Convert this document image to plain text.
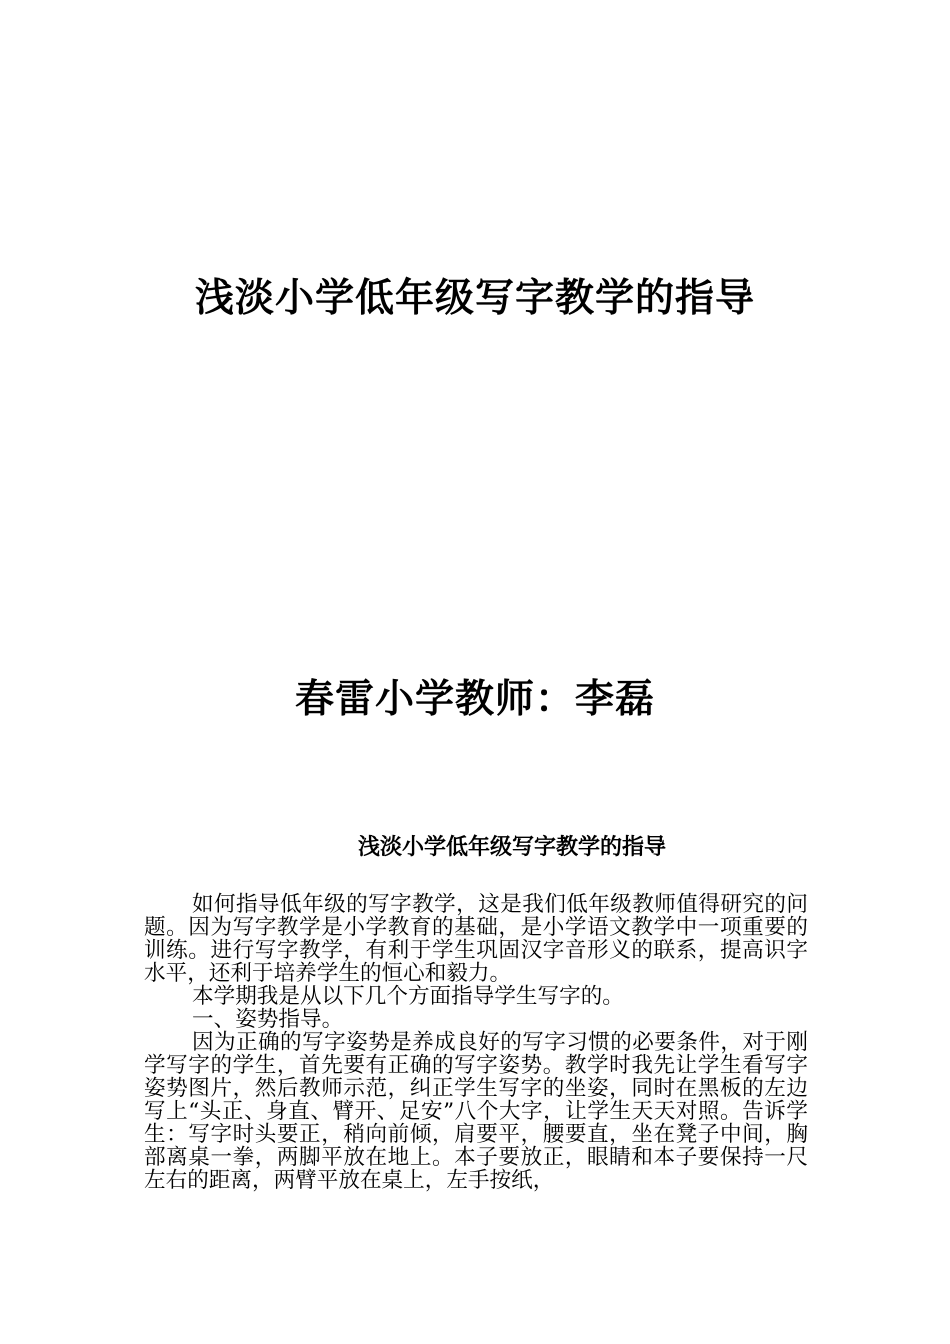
浅淡小学低年级写字教学的指导
春雷小学教师：李磊
浅淡小学低年级写字教学的指导

如何指导低年级的写字教学，这是我们低年级教师值得研究的问题。因为写字教学是小学教育的基础，是小学语文教学中一项重要的训练。进行写字教学，有利于学生巩固汉字音形义的联系，提高识字水平，还利于培养学生的恒心和毅力。

本学期我是从以下几个方面指导学生写字的。

一、姿势指导。

因为正确的写字姿势是养成良好的写字习惯的必要条件，对于刚学写字的学生，首先要有正确的写字姿势。教学时我先让学生看写字姿势图片，然后教师示范，纠正学生写字的坐姿，同时在黑板的左边写上“头正、身直、臂开、足安”八个大字，让学生天天对照。告诉学生：写字时头要正，稍向前倾，肩要平，腰要直，坐在凳子中间，胸部离桌一拳，两脚平放在地上。本子要放正，眼睛和本子要保持一尺左右的距离，两臂平放在桌上，左手按纸，
